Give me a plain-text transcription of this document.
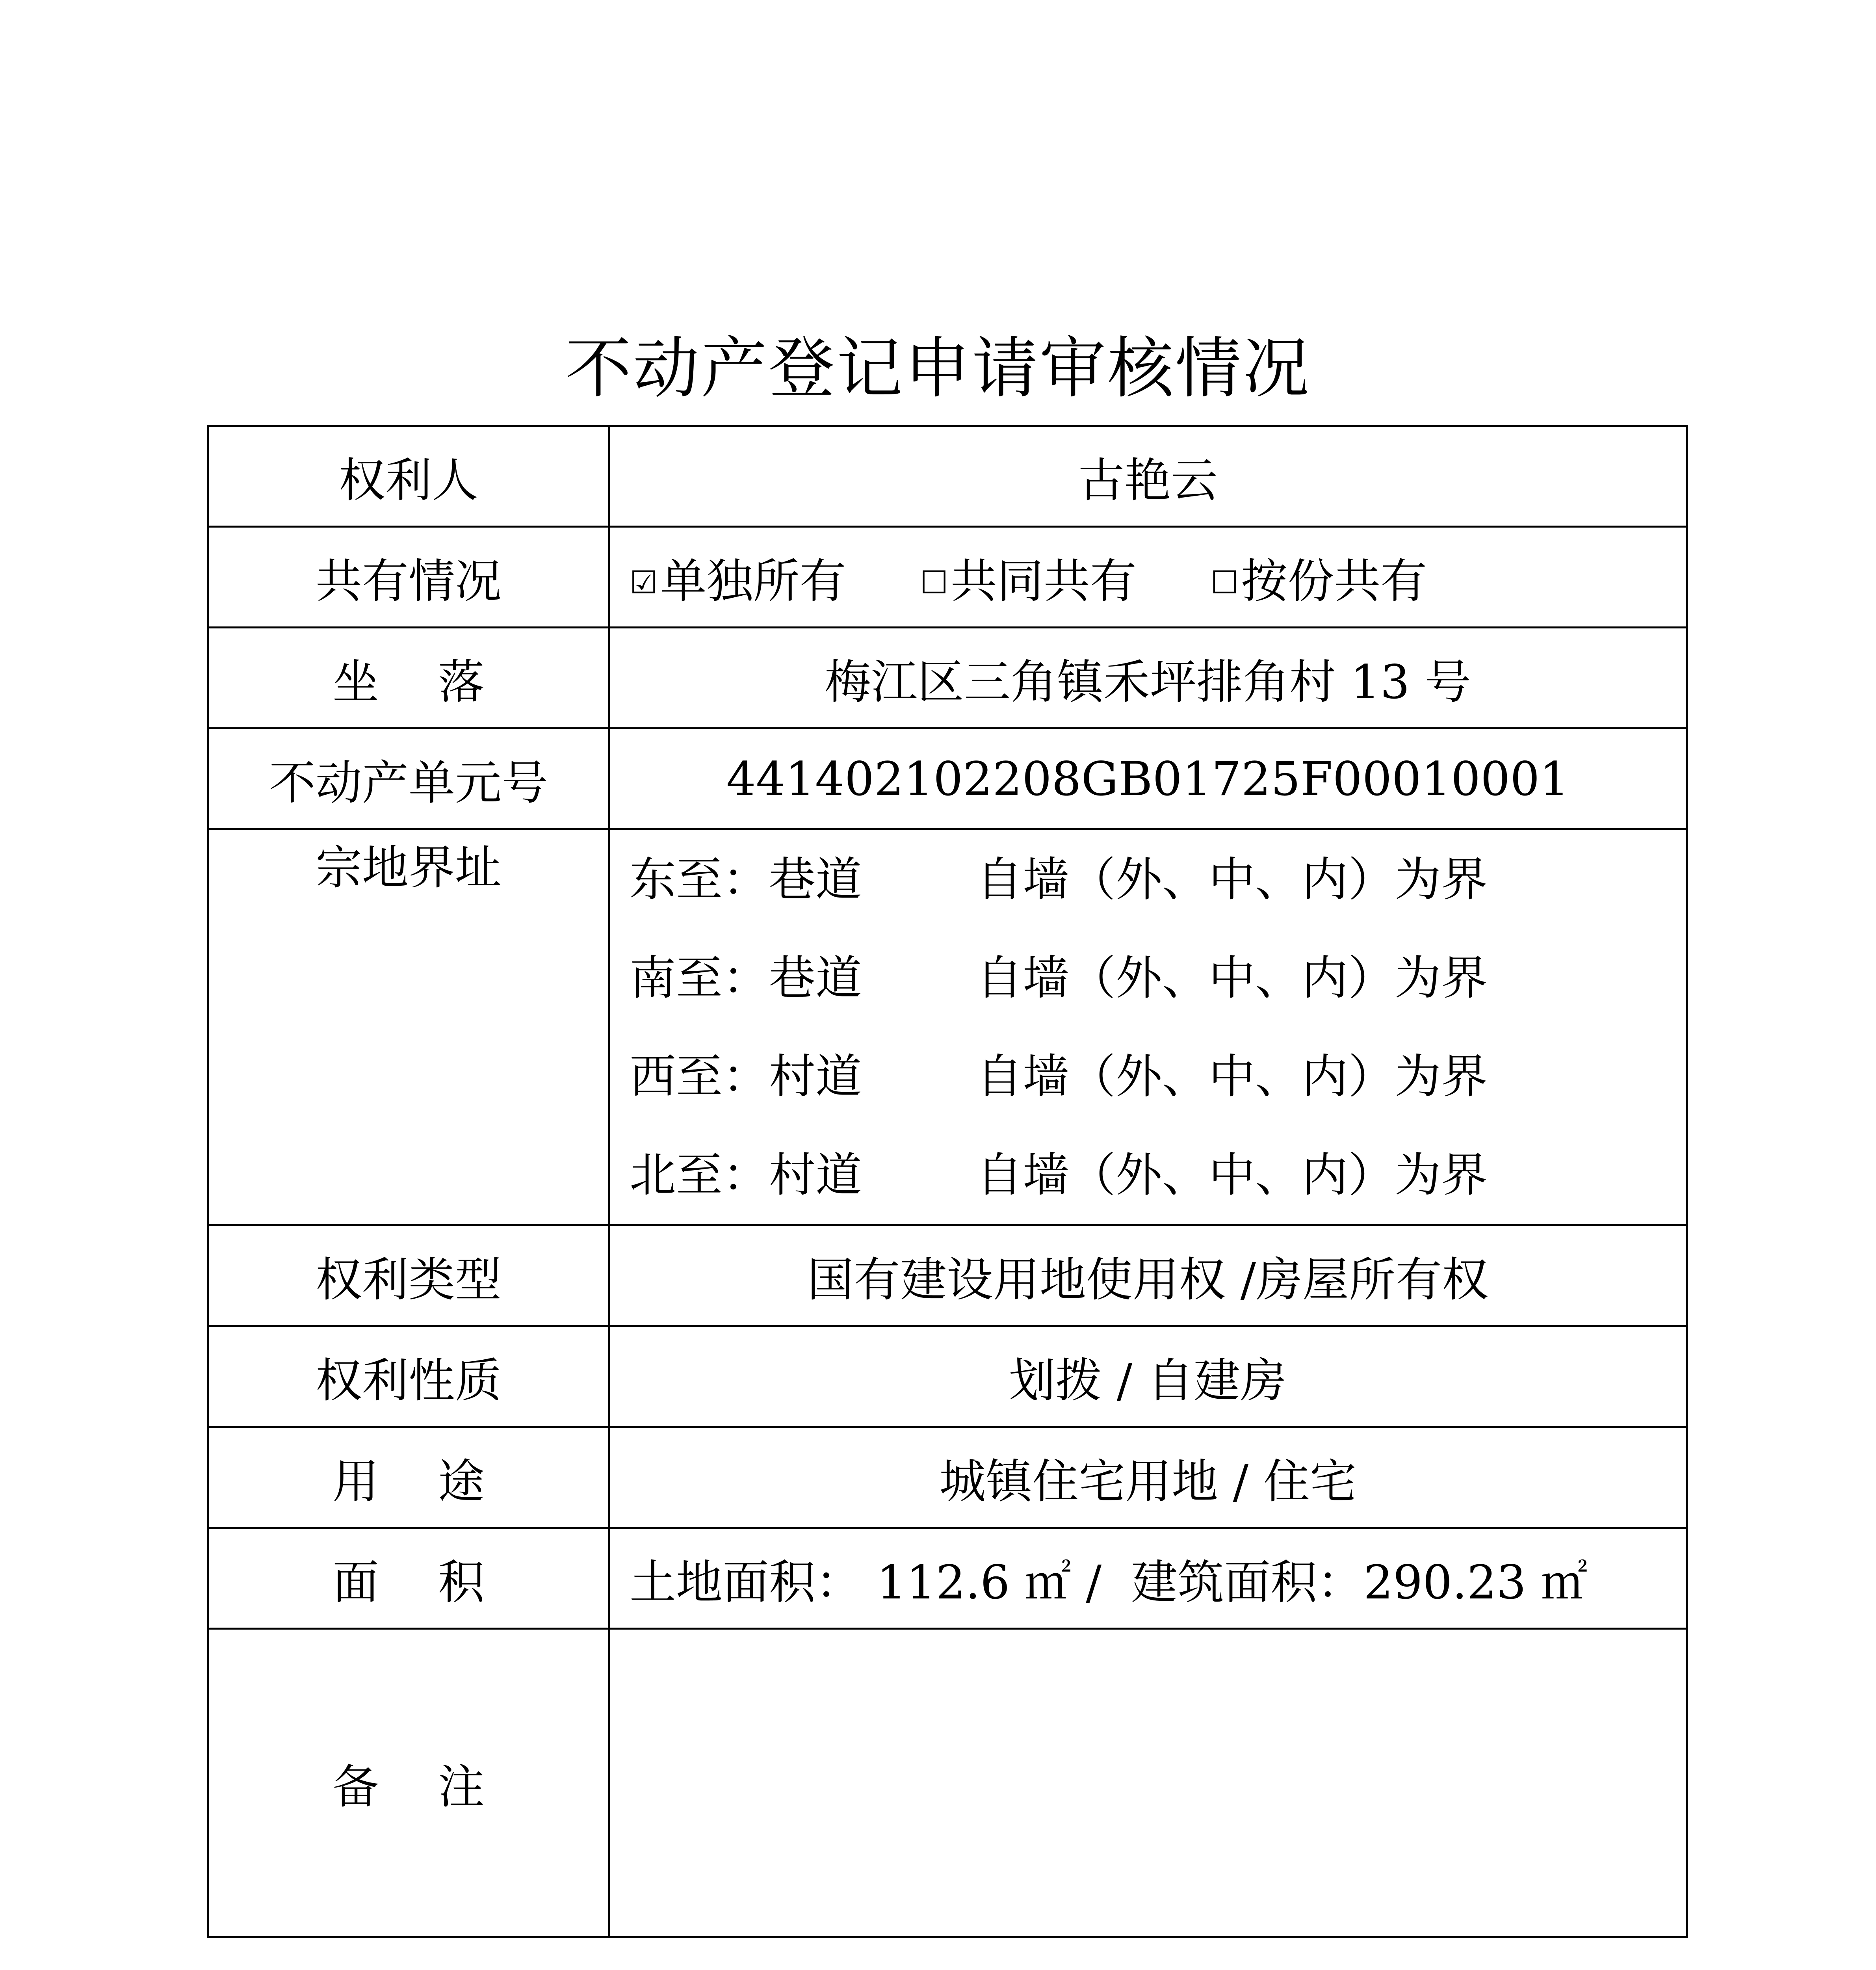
不动产登记申请审核情况
权利人	古艳云
共有情况	☑单独所有 ☐共同共有 ☐按份共有
坐 落	梅江区三角镇禾坪排角村 13 号
不动产单元号	441402102208GB01725F00010001
宗地界址	东至：巷道 自墙（外、中、内）为界
南至：巷道 自墙（外、中、内）为界
西至：村道 自墙（外、中、内）为界
北至：村道 自墙（外、中、内）为界

权利类型	国有建设用地使用权 /房屋所有权
权利性质	划拨 / 自建房
用 途	城镇住宅用地 / 住宅
面 积	土地面积： 112.6 ㎡ /  建筑面积：290.23 ㎡
备 注	
